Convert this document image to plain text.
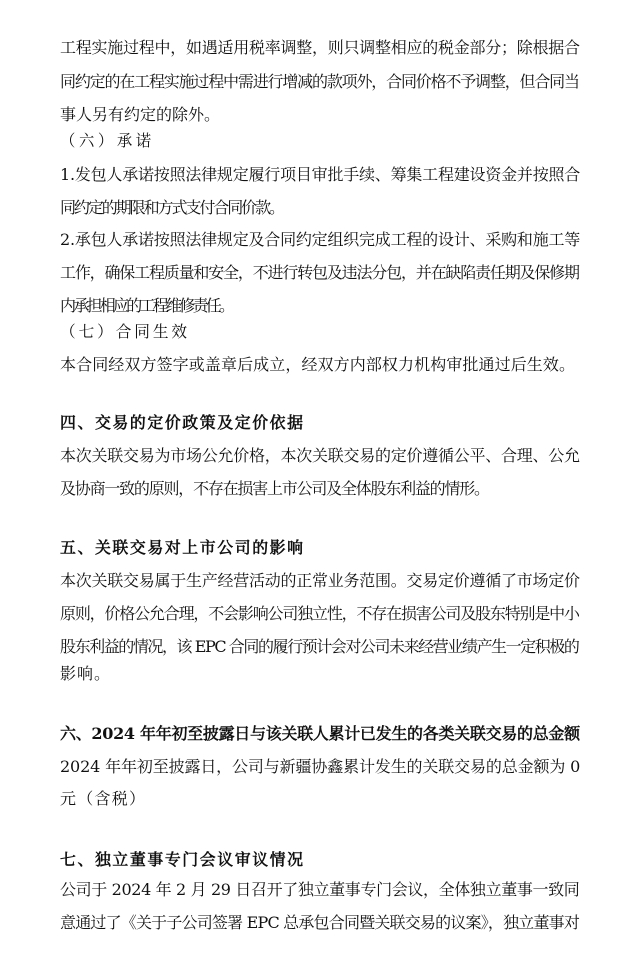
工程实施过程中，如遇适用税率调整，则只调整相应的税金部分；除根据合
同约定的在工程实施过程中需进行增减的款项外，合同价格不予调整，但合同当
事人另有约定的除外。
（六）承诺
1.发包人承诺按照法律规定履行项目审批手续、筹集工程建设资金并按照合
同约定的期限和方式支付合同价款。
2.承包人承诺按照法律规定及合同约定组织完成工程的设计、采购和施工等
工作，确保工程质量和安全，不进行转包及违法分包，并在缺陷责任期及保修期
内承担相应的工程维修责任。
（七）合同生效
本合同经双方签字或盖章后成立，经双方内部权力机构审批通过后生效。
四、交易的定价政策及定价依据
本次关联交易为市场公允价格，本次关联交易的定价遵循公平、合理、公允
及协商一致的原则，不存在损害上市公司及全体股东利益的情形。
五、关联交易对上市公司的影响
本次关联交易属于生产经营活动的正常业务范围。交易定价遵循了市场定价
原则，价格公允合理，不会影响公司独立性，不存在损害公司及股东特别是中小
股东利益的情况，该 EPC 合同的履行预计会对公司未来经营业绩产生一定积极的
影响。
六、2024 年年初至披露日与该关联人累计已发生的各类关联交易的总金额
2024 年年初至披露日，公司与新疆协鑫累计发生的关联交易的总金额为 0
元（含税）
七、独立董事专门会议审议情况
公司于 2024 年 2 月 29 日召开了独立董事专门会议，全体独立董事一致同
意通过了《关于子公司签署 EPC 总承包合同暨关联交易的议案》，独立董事对
